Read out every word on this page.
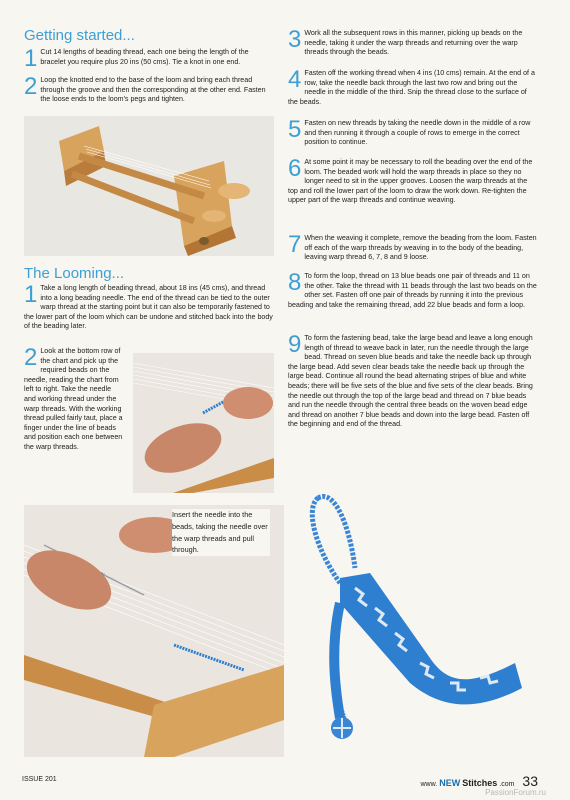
Getting started...

1 Cut 14 lengths of beading thread, each one being the length of the bracelet you require plus 20 ins (50 cms). Tie a knot in one end.

2 Loop the knotted end to the base of the loom and bring each thread through the groove and then the corresponding at the other end. Fasten the loose ends to the loom's pegs and tighten.

The Looming...

1 Take a long length of beading thread, about 18 ins (45 cms), and thread into a long beading needle. The end of the thread can be tied to the outer warp thread at the starting point but it can also be temporarily fastened to the lower part of the loom which can be undone and stitched back into the body of the beading later.

2 Look at the bottom row of the chart and pick up the required beads on the needle, reading the chart from left to right. Take the needle and working thread under the warp threads. With the working thread pulled fairly taut, place a finger under the line of beads and position each one between the warp threads.

Insert the needle into the beads, taking the needle over the warp threads and pull through.

3 Work all the subsequent rows in this manner, picking up beads on the needle, taking it under the warp threads and returning over the warp threads through the beads.

4 Fasten off the working thread when 4 ins (10 cms) remain. At the end of a row, take the needle back through the last two row and bring out the needle in the middle of the third. Snip the thread close to the surface of the beads.

5 Fasten on new threads by taking the needle down in the middle of a row and then running it through a couple of rows to emerge in the correct position to continue.

6 At some point it may be necessary to roll the beading over the end of the loom. The beaded work will hold the warp threads in place so they no longer need to sit in the upper grooves. Loosen the warp threads at the top and roll the lower part of the loom to draw the work down. Re-tighten the upper part of the warp threads and continue weaving.

7 When the weaving it complete, remove the beading from the loom. Fasten off each of the warp threads by weaving in to the body of the beading, leaving warp thread 6, 7, 8 and 9 loose.

8 To form the loop, thread on 13 blue beads one pair of threads and 11 on the other. Take the thread with 11 beads through the last two beads on the other set. Fasten off one pair of threads by running it into the previous beading and take the remaining thread, add 22 blue beads and form a loop.

9 To form the fastening bead, take the large bead and leave a long enough length of thread to weave back in later, run the needle through the large bead. Thread on seven blue beads and take the needle back up through the large bead. Add seven clear beads take the needle back up through the large bead. Continue all round the bead alternating stripes of blue and white beads; there will be five sets of the blue and five sets of the clear beads. Bring the needle out through the top of the large bead and thread on 7 blue beads and run the needle through the central three beads on the woven bead edge and thread on another 7 blue beads and down into the large bead. Fasten off the beginning and end of the thread.

ISSUE 201
www. NEW Stitches .com 33
PassionForum.ru
